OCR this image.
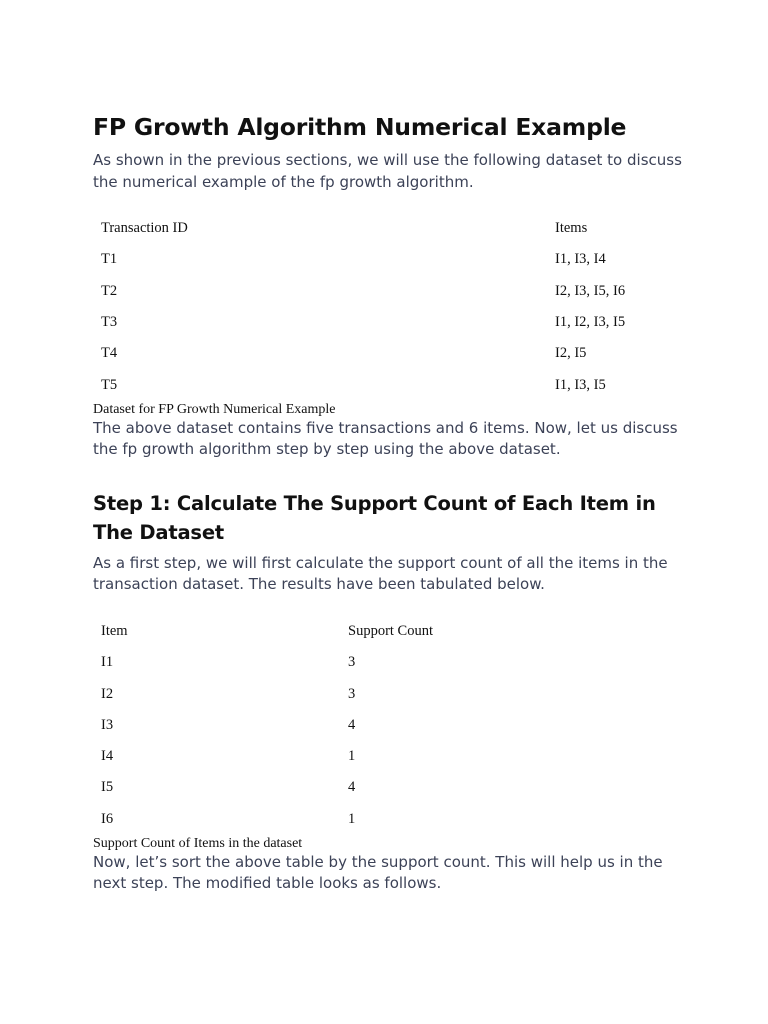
FP Growth Algorithm Numerical Example

As shown in the previous sections, we will use the following dataset to discuss the numerical example of the fp growth algorithm.

Transaction ID	Items
T1	I1, I3, I4
T2	I2, I3, I5, I6
T3	I1, I2, I3, I5
T4	I2, I5
T5	I1, I3, I5

Dataset for FP Growth Numerical Example

The above dataset contains five transactions and 6 items. Now, let us discuss the fp growth algorithm step by step using the above dataset.

Step 1: Calculate The Support Count of Each Item in The Dataset

As a first step, we will first calculate the support count of all the items in the transaction dataset. The results have been tabulated below.

Item	Support Count
I1	3
I2	3
I3	4
I4	1
I5	4
I6	1

Support Count of Items in the dataset

Now, let’s sort the above table by the support count. This will help us in the next step. The modified table looks as follows.
